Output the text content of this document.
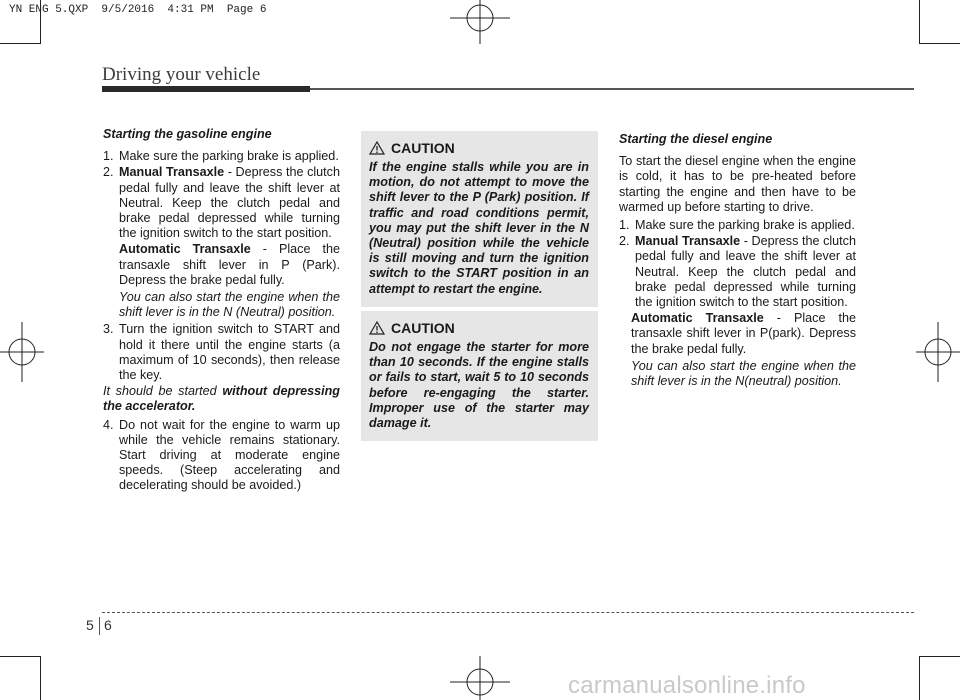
YN ENG 5.QXP  9/5/2016  4:31 PM  Page 6
Driving your vehicle

Starting the gasoline engine

1. Make sure the parking brake is applied.

2. Manual Transaxle - Depress the clutch pedal fully and leave the shift lever at Neutral. Keep the clutch pedal and brake pedal depressed while turning the ignition switch to the start position.

Automatic Transaxle - Place the transaxle shift lever in P (Park). Depress the brake pedal fully.

You can also start the engine when the shift lever is in the N (Neutral) position.

3. Turn the ignition switch to START and hold it there until the engine starts (a maximum of 10 seconds), then release the key.

It should be started without depressing the accelerator.

4. Do not wait for the engine to warm up while the vehicle remains stationary. Start driving at moderate engine speeds. (Steep accelerating and decelerating should be avoided.)

CAUTION
If the engine stalls while you are in motion, do not attempt to move the shift lever to the P (Park) position. If traffic and road conditions permit, you may put the shift lever in the N (Neutral) position while the vehicle is still moving and turn the ignition switch to the START position in an attempt to restart the engine.
CAUTION
Do not engage the starter for more than 10 seconds. If the engine stalls or fails to start, wait 5 to 10 seconds before re-engaging the starter. Improper use of the starter may damage it.

Starting the diesel engine

To start the diesel engine when the engine is cold, it has to be pre-heated before starting the engine and then have to be warmed up before starting to drive.

1. Make sure the parking brake is applied.

2. Manual Transaxle - Depress the clutch pedal fully and leave the shift lever at Neutral. Keep the clutch pedal and brake pedal depressed while turning the ignition switch to the start position.

Automatic Transaxle - Place the transaxle shift lever in P(park). Depress the brake pedal fully.

You can also start the engine when the shift lever is in the N(neutral) position.

5 6
carmanualsonline.info
